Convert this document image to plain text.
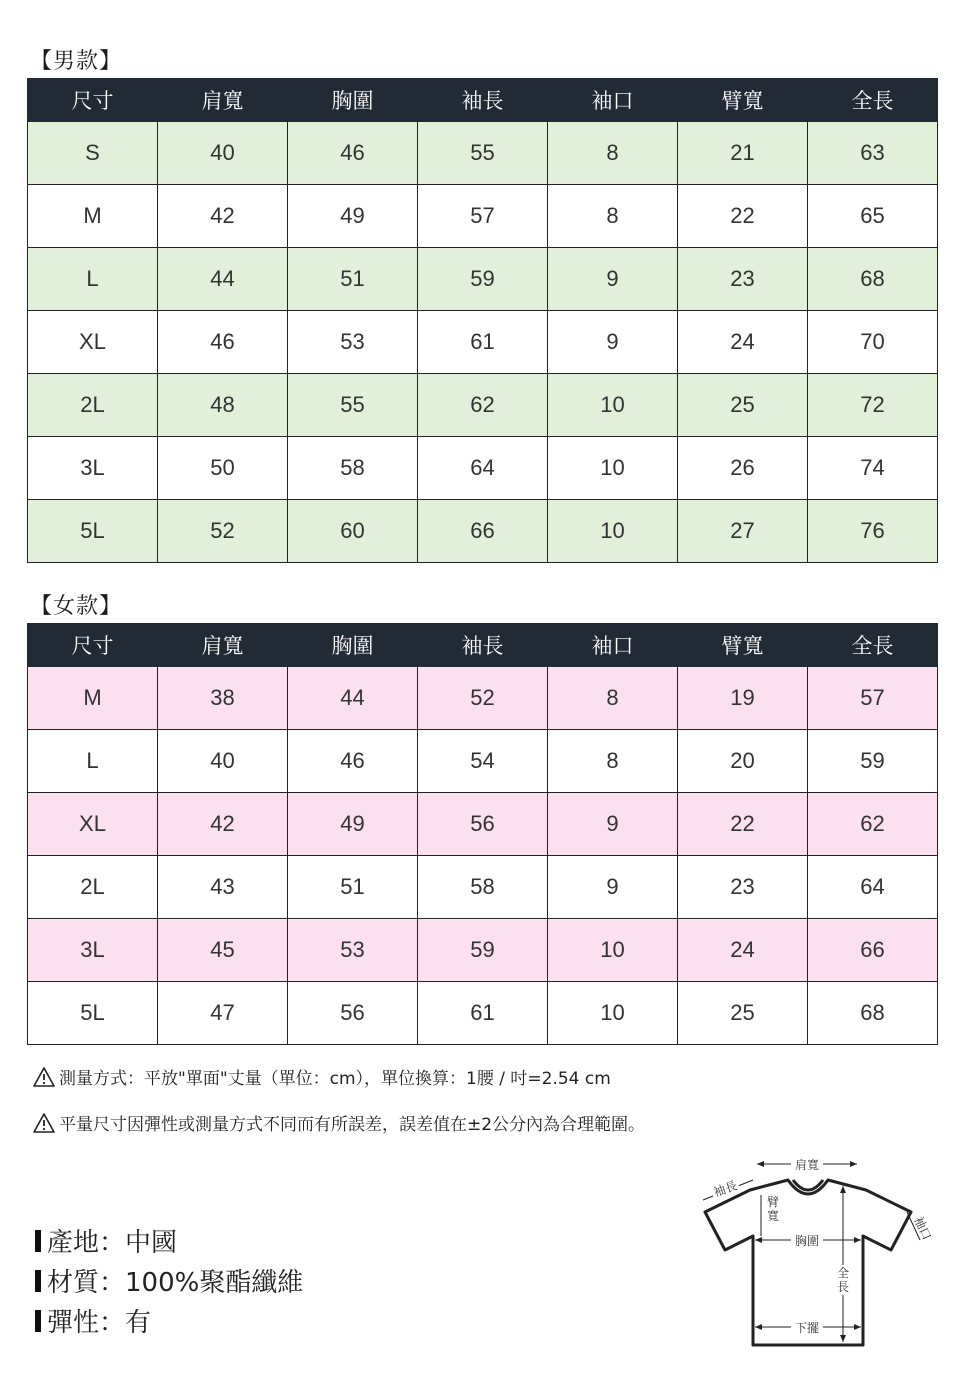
【男款】
尺寸	肩寬	胸圍	袖長	袖口	臂寬	全長
S	40	46	55	8	21	63
M	42	49	57	8	22	65
L	44	51	59	9	23	68
XL	46	53	61	9	24	70
2L	48	55	62	10	25	72
3L	50	58	64	10	26	74
5L	52	60	66	10	27	76
【女款】
尺寸	肩寬	胸圍	袖長	袖口	臂寬	全長
M	38	44	52	8	19	57
L	40	46	54	8	20	59
XL	42	49	56	9	22	62
2L	43	51	58	9	23	64
3L	45	53	59	10	24	66
5L	47	56	61	10	25	68
測量方式：平放"單面"丈量（單位：cm），單位換算：1腰 / 吋=2.54 cm
平量尺寸因彈性或測量方式不同而有所誤差，誤差值在±2公分內為合理範圍。
產地：中國
材質：100%聚酯纖維
彈性：有
肩寬
袖長
臂
寬
胸圍
全
長
下擺
袖口
